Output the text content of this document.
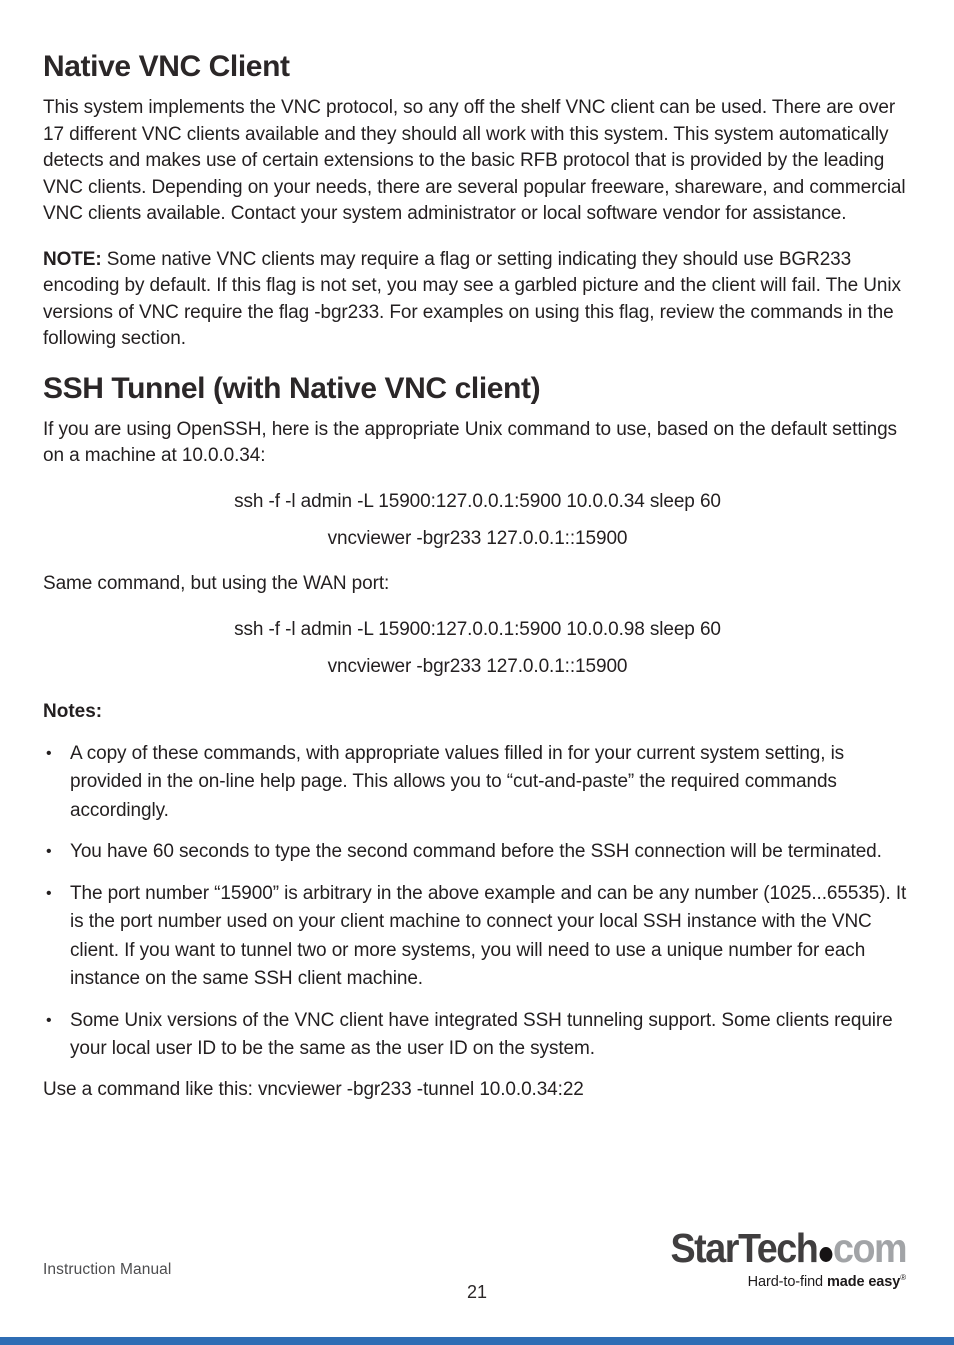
Native VNC Client

This system implements the VNC protocol, so any off the shelf VNC client can be used. There are over 17 different VNC clients available and they should all work with this system. This system automatically detects and makes use of certain extensions to the basic RFB protocol that is provided by the leading VNC clients. Depending on your needs, there are several popular freeware, shareware, and commercial VNC clients available. Contact your system administrator or local software vendor for assistance.

NOTE: Some native VNC clients may require a flag or setting indicating they should use BGR233 encoding by default. If this flag is not set, you may see a garbled picture and the client will fail. The Unix versions of VNC require the flag -bgr233. For examples on using this flag, review the commands in the following section.

SSH Tunnel (with Native VNC client)

If you are using OpenSSH, here is the appropriate Unix command to use, based on the default settings on a machine at 10.0.0.34:

ssh -f -l admin -L 15900:127.0.0.1:5900 10.0.0.34 sleep 60
vncviewer -bgr233 127.0.0.1::15900

Same command, but using the WAN port:

ssh -f -l admin -L 15900:127.0.0.1:5900 10.0.0.98 sleep 60
vncviewer -bgr233 127.0.0.1::15900
Notes:
• A copy of these commands, with appropriate values filled in for your current system setting, is provided in the on-line help page. This allows you to “cut-and-paste” the required commands accordingly.
• You have 60 seconds to type the second command before the SSH connection will be terminated.
• The port number “15900” is arbitrary in the above example and can be any number (1025...65535). It is the port number used on your client machine to connect your local SSH instance with the VNC client. If you want to tunnel two or more systems, you will need to use a unique number for each instance on the same SSH client machine.
• Some Unix versions of the VNC client have integrated SSH tunneling support. Some clients require your local user ID to be the same as the user ID on the system.

Use a command like this: vncviewer -bgr233 -tunnel 10.0.0.34:22

Instruction Manual
21
StarTech com
Hard-to-find made easy®
